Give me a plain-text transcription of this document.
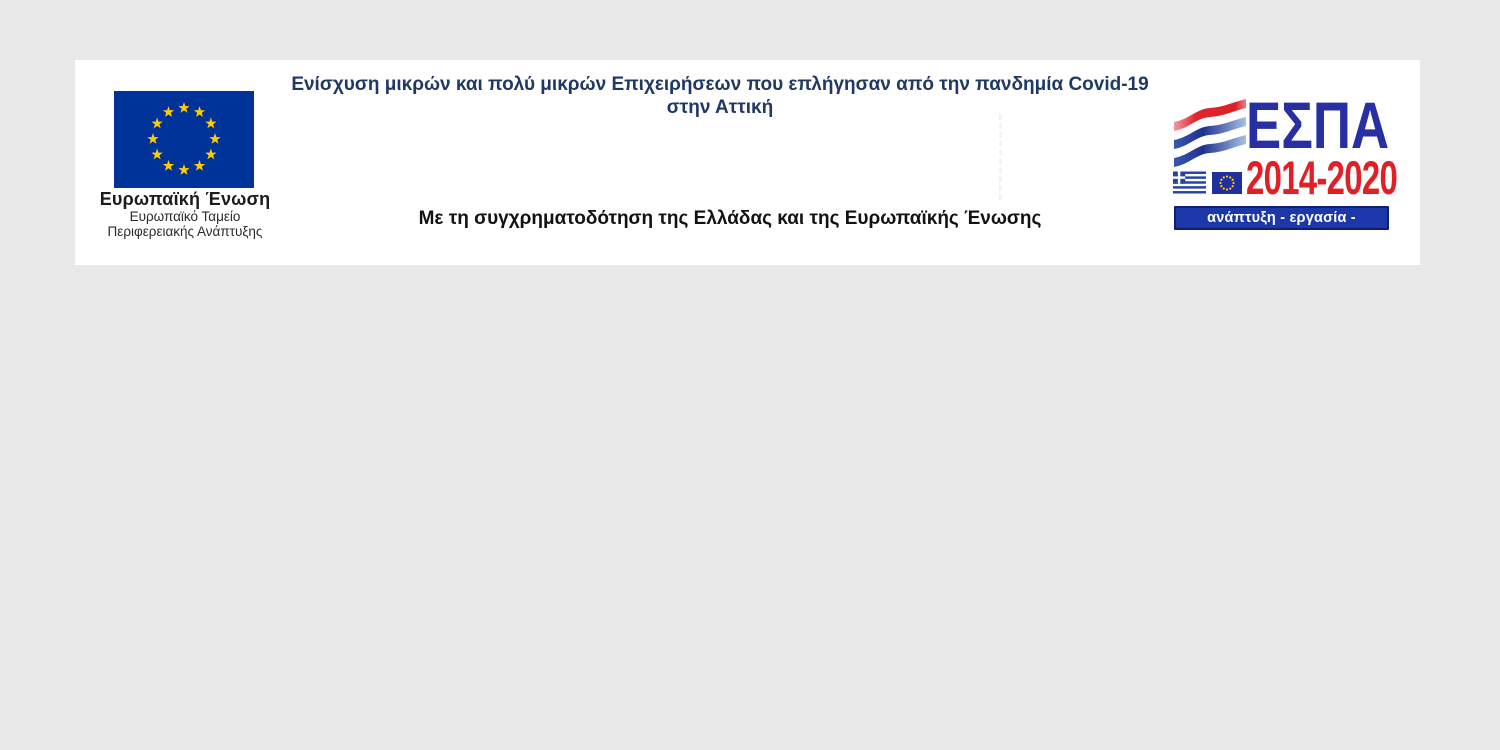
Ευρωπαϊκή Ένωση
Ευρωπαϊκό Ταμείο
Περιφερειακής Ανάπτυξης
Ενίσχυση μικρών και πολύ μικρών Επιχειρήσεων που επλήγησαν από την πανδημία Covid-19 στην Αττική
Με τη συγχρηματοδότηση της Ελλάδας και της Ευρωπαϊκής Ένωσης
ΕΣΠΑ
2014-2020
ανάπτυξη - εργασία - αλληλεγγύη
